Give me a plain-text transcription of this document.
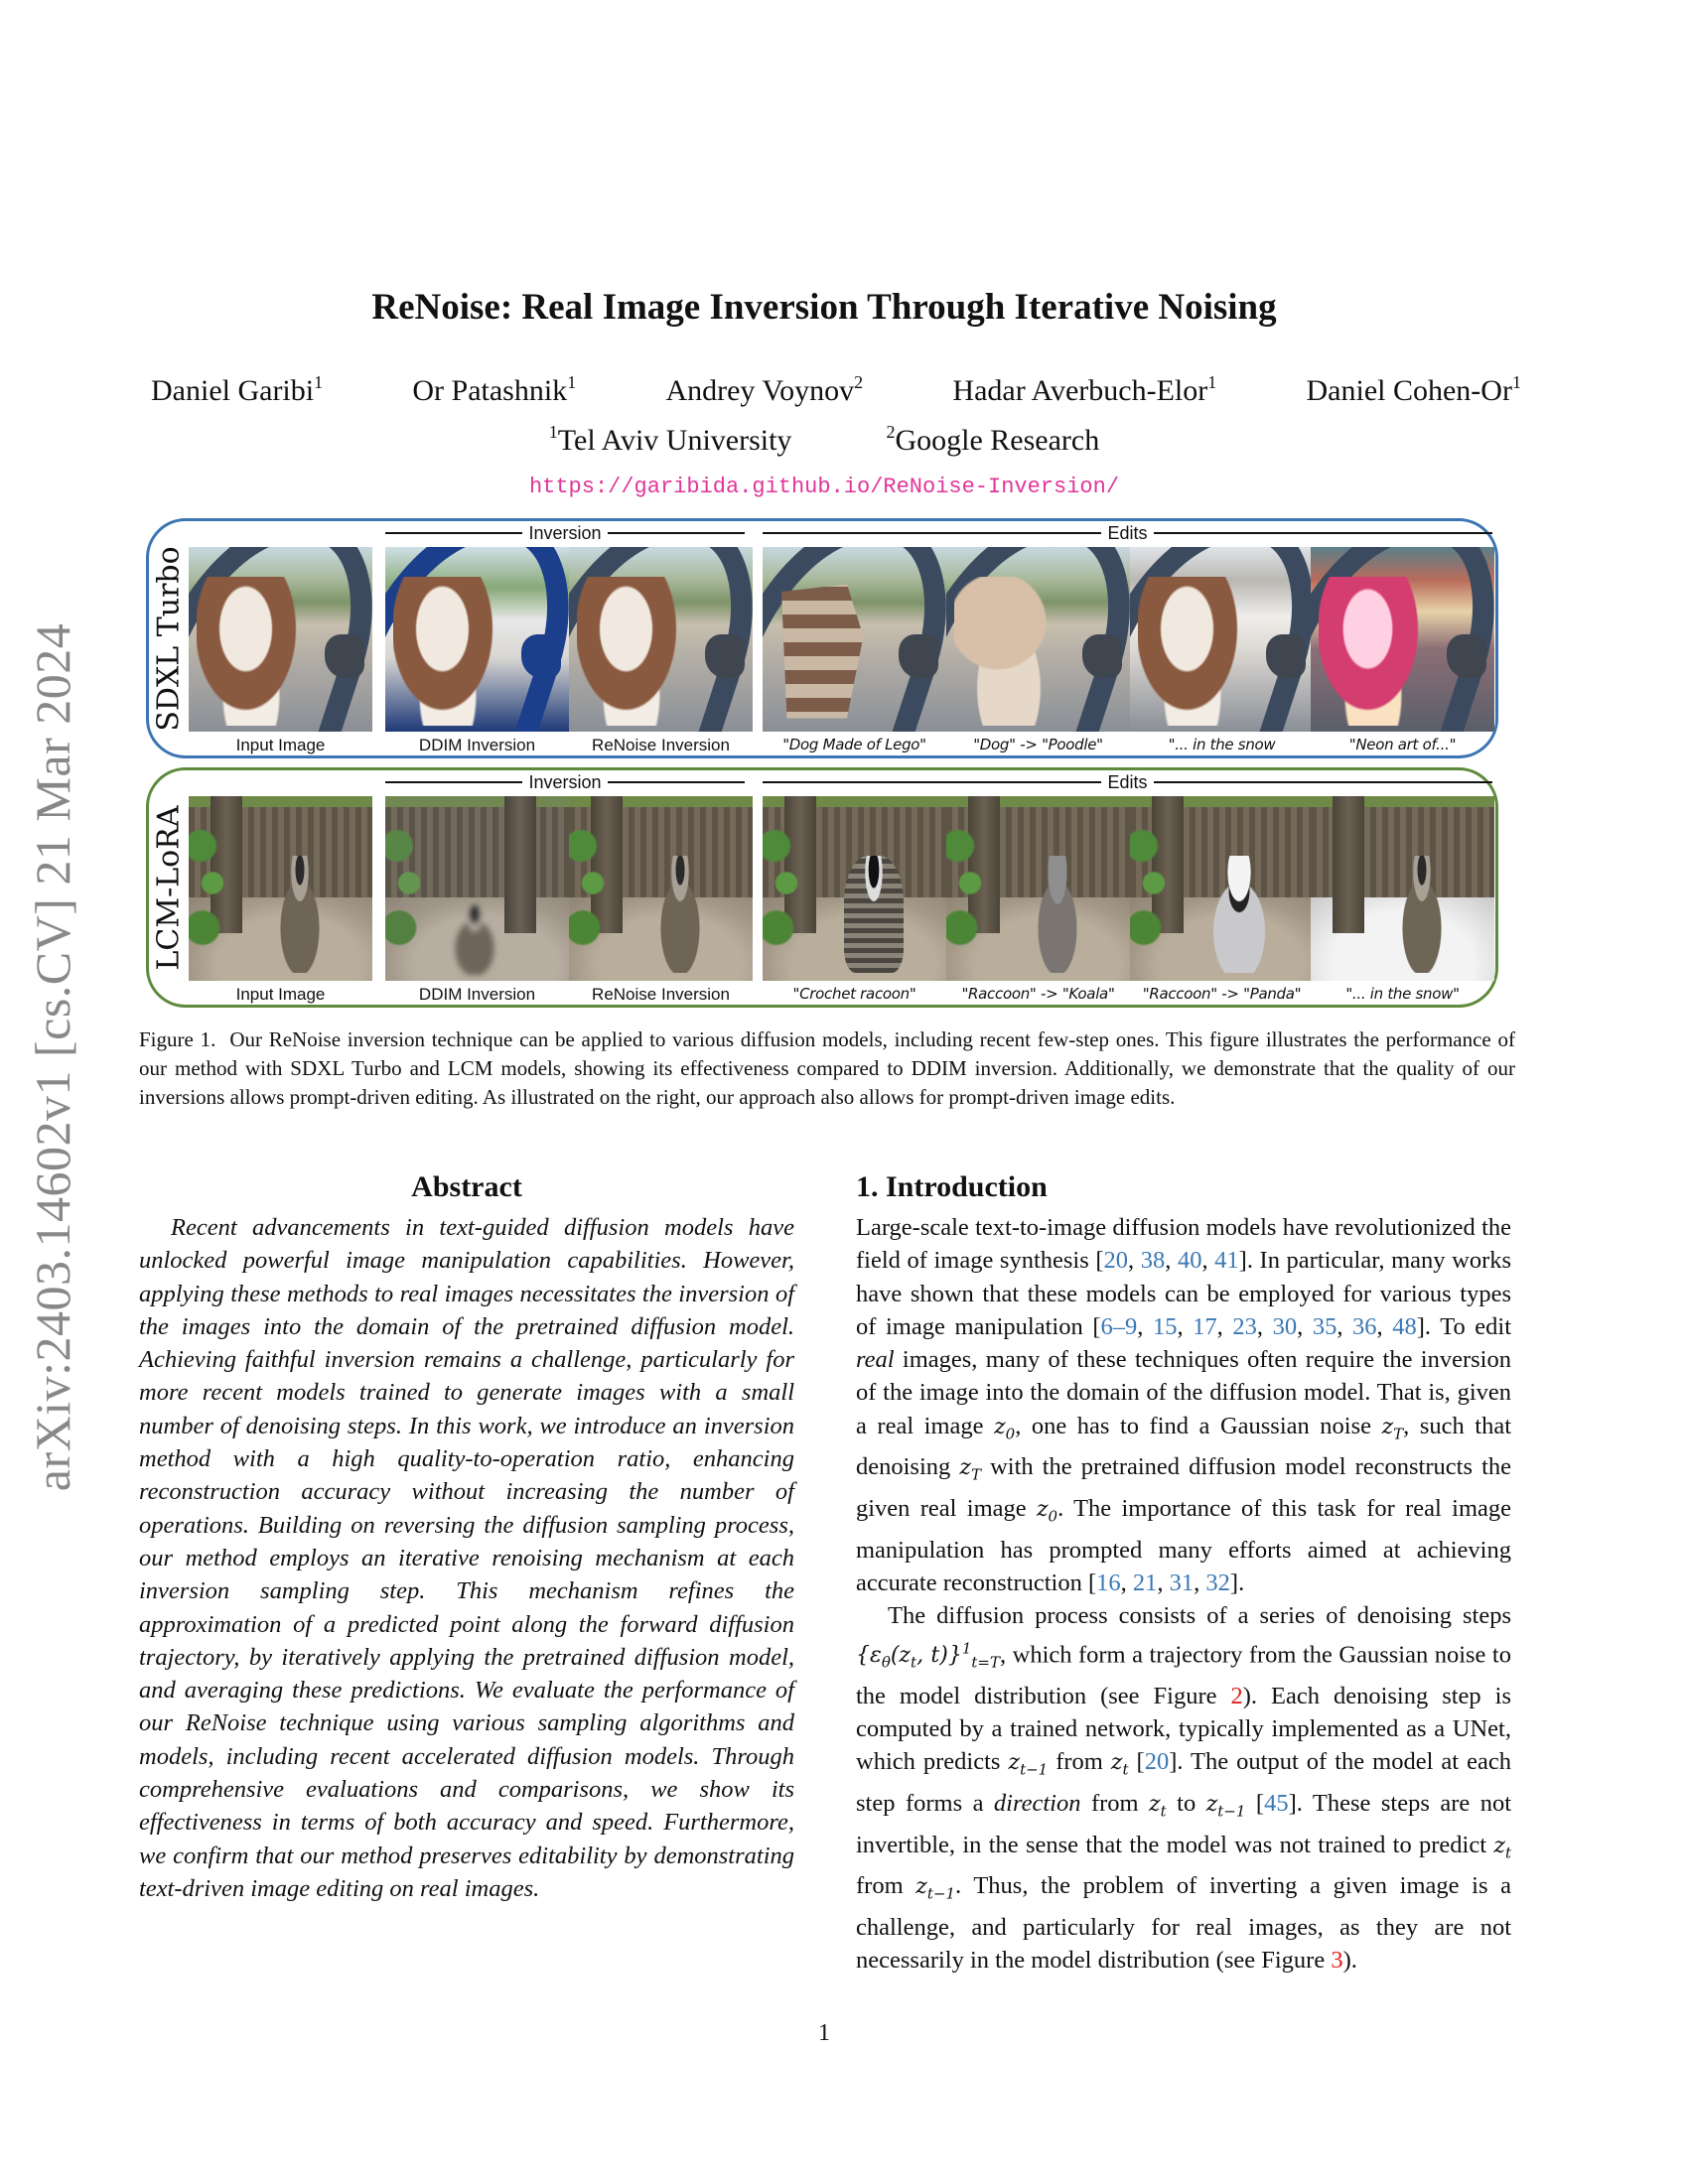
arXiv:2403.14602v1 [cs.CV] 21 Mar 2024
ReNoise: Real Image Inversion Through Iterative Noising
Daniel Garibi$^1$	Or Patashnik$^1$	Andrey Voynov$^2$	Hadar Averbuch-Elor$^1$	Daniel Cohen-Or$^1$
$^1$Tel Aviv University	$^2$Google Research
https://garibida.github.io/ReNoise-Inversion/
SDXL Turbo
Inversion	Edits
Input Image	DDIM Inversion	ReNoise Inversion	"Dog Made of Lego"	"Dog" -> "Poodle"	"... in the snow	"Neon art of..."
LCM-LoRA
Inversion	Edits
Input Image	DDIM Inversion	ReNoise Inversion	"Crochet racoon"	"Raccoon" -> "Koala"	"Raccoon" -> "Panda"	"... in the snow"

Figure 1. Our ReNoise inversion technique can be applied to various diffusion models, including recent few-step ones. This figure illustrates the performance of our method with SDXL Turbo and LCM models, showing its effectiveness compared to DDIM inversion. Additionally, we demonstrate that the quality of our inversions allows prompt-driven editing. As illustrated on the right, our approach also allows for prompt-driven image edits.

Abstract

Recent advancements in text-guided diffusion models have unlocked powerful image manipulation capabilities. However, applying these methods to real images necessitates the inversion of the images into the domain of the pretrained diffusion model. Achieving faithful inversion remains a challenge, particularly for more recent models trained to generate images with a small number of denoising steps. In this work, we introduce an inversion method with a high quality-to-operation ratio, enhancing reconstruction accuracy without increasing the number of operations. Building on reversing the diffusion sampling process, our method employs an iterative renoising mechanism at each inversion sampling step. This mechanism refines the approximation of a predicted point along the forward diffusion trajectory, by iteratively applying the pretrained diffusion model, and averaging these predictions. We evaluate the performance of our ReNoise technique using various sampling algorithms and models, including recent accelerated diffusion models. Through comprehensive evaluations and comparisons, we show its effectiveness in terms of both accuracy and speed. Furthermore, we confirm that our method preserves editability by demonstrating text-driven image editing on real images.

1. Introduction

Large-scale text-to-image diffusion models have revolutionized the field of image synthesis [20, 38, 40, 41]. In particular, many works have shown that these models can be employed for various types of image manipulation [6–9, 15, 17, 23, 30, 35, 36, 48]. To edit real images, many of these techniques often require the inversion of the image into the domain of the diffusion model. That is, given a real image $z_0$, one has to find a Gaussian noise $z_T$, such that denoising $z_T$ with the pretrained diffusion model reconstructs the given real image $z_0$. The importance of this task for real image manipulation has prompted many efforts aimed at achieving accurate reconstruction [16, 21, 31, 32].

The diffusion process consists of a series of denoising steps {$\varepsilon_\theta(z_t$, t)}$^1_{t=T}$, which form a trajectory from the Gaussian noise to the model distribution (see Figure 2). Each denoising step is computed by a trained network, typically implemented as a UNet, which predicts $z_{t-1}$ from $z_t$ [20]. The output of the model at each step forms a direction from $z_t$ to $z_{t-1}$ [45]. These steps are not invertible, in the sense that the model was not trained to predict $z_t$ from $z_{t-1}$. Thus, the problem of inverting a given image is a challenge, and particularly for real images, as they are not necessarily in the model distribution (see Figure 3).

1
